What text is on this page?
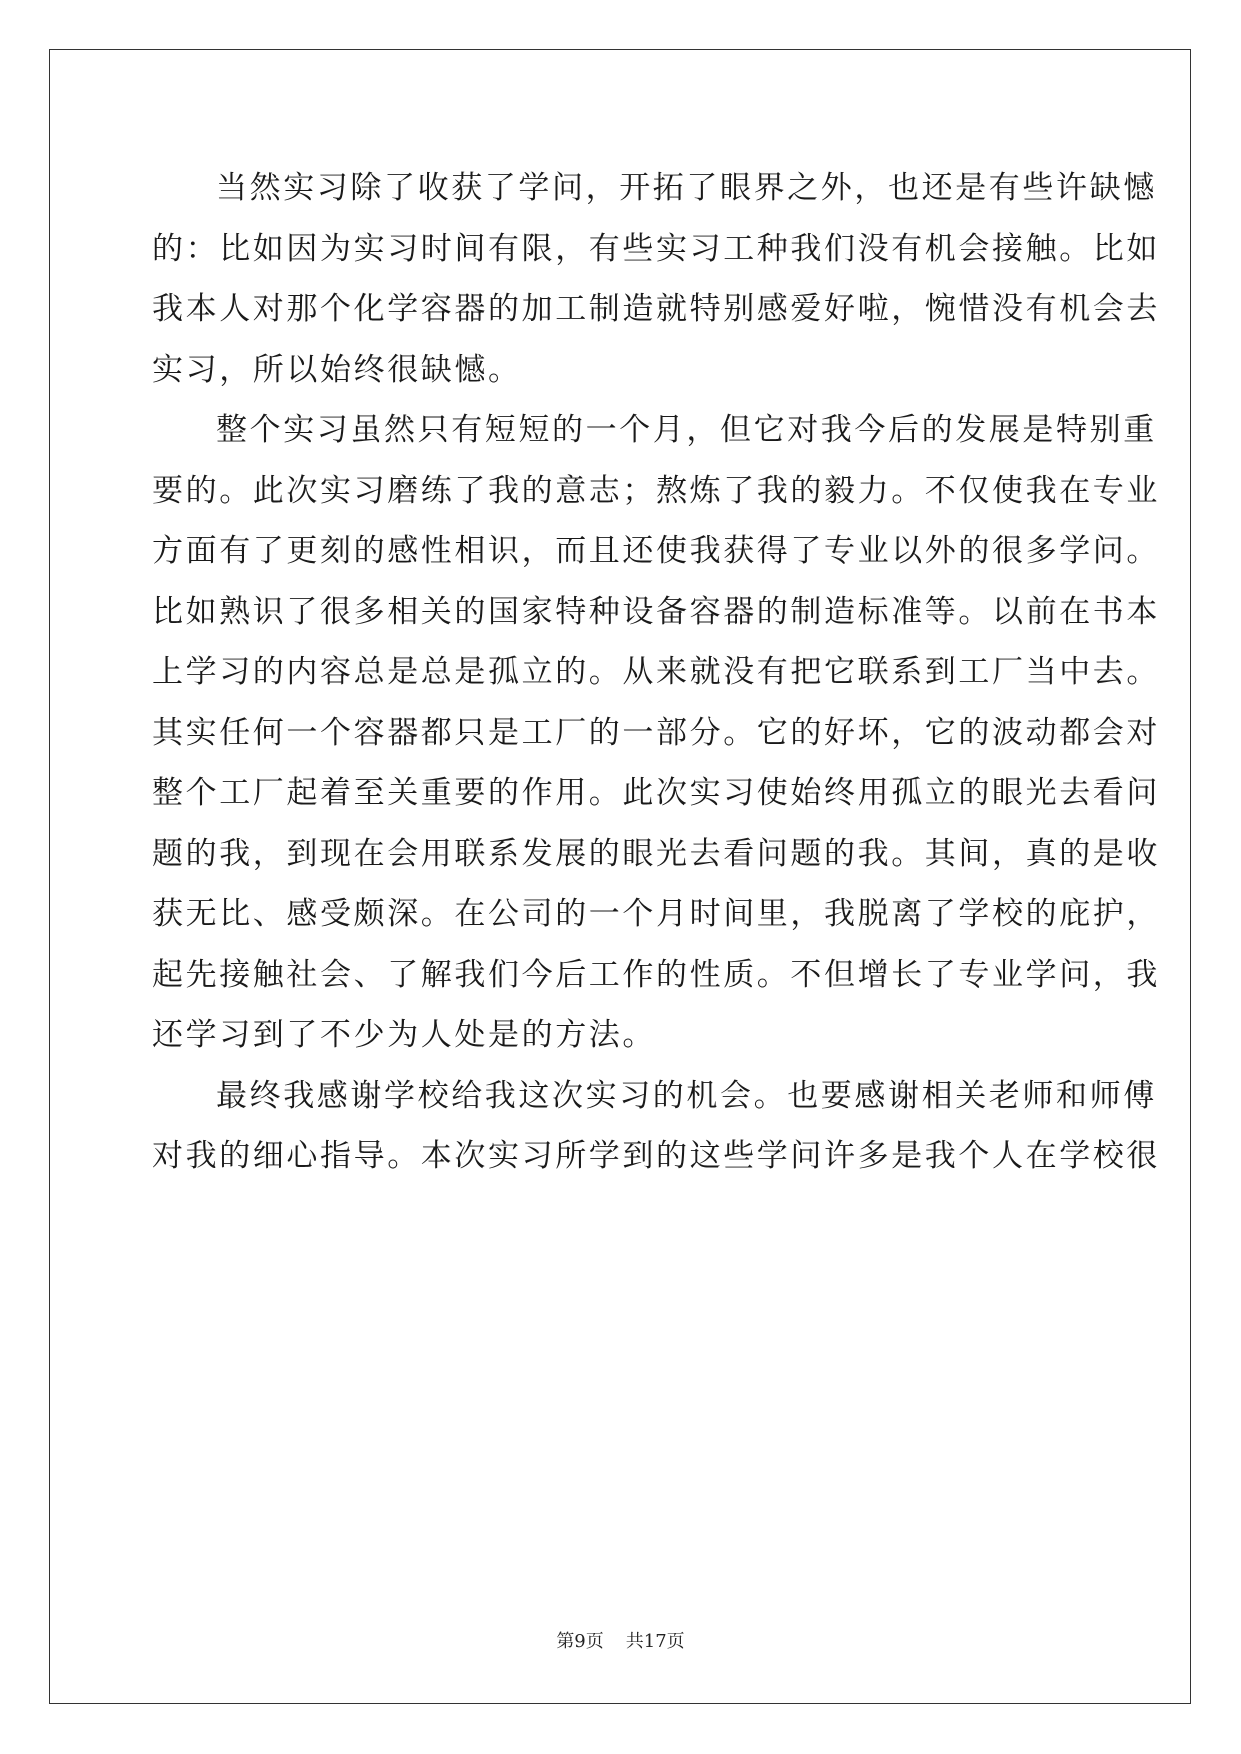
当然实习除了收获了学问，开拓了眼界之外，也还是有些许缺憾
的：比如因为实习时间有限，有些实习工种我们没有机会接触。比如
我本人对那个化学容器的加工制造就特别感爱好啦，惋惜没有机会去
实习，所以始终很缺憾。
整个实习虽然只有短短的一个月，但它对我今后的发展是特别重
要的。此次实习磨练了我的意志；熬炼了我的毅力。不仅使我在专业
方面有了更刻的感性相识，而且还使我获得了专业以外的很多学问。
比如熟识了很多相关的国家特种设备容器的制造标准等。以前在书本
上学习的内容总是总是孤立的。从来就没有把它联系到工厂当中去。
其实任何一个容器都只是工厂的一部分。它的好坏，它的波动都会对
整个工厂起着至关重要的作用。此次实习使始终用孤立的眼光去看问
题的我，到现在会用联系发展的眼光去看问题的我。其间，真的是收
获无比、感受颇深。在公司的一个月时间里，我脱离了学校的庇护，
起先接触社会、了解我们今后工作的性质。不但增长了专业学问，我
还学习到了不少为人处是的方法。
最终我感谢学校给我这次实习的机会。也要感谢相关老师和师傅
对我的细心指导。本次实习所学到的这些学问许多是我个人在学校很
第9页 共17页
